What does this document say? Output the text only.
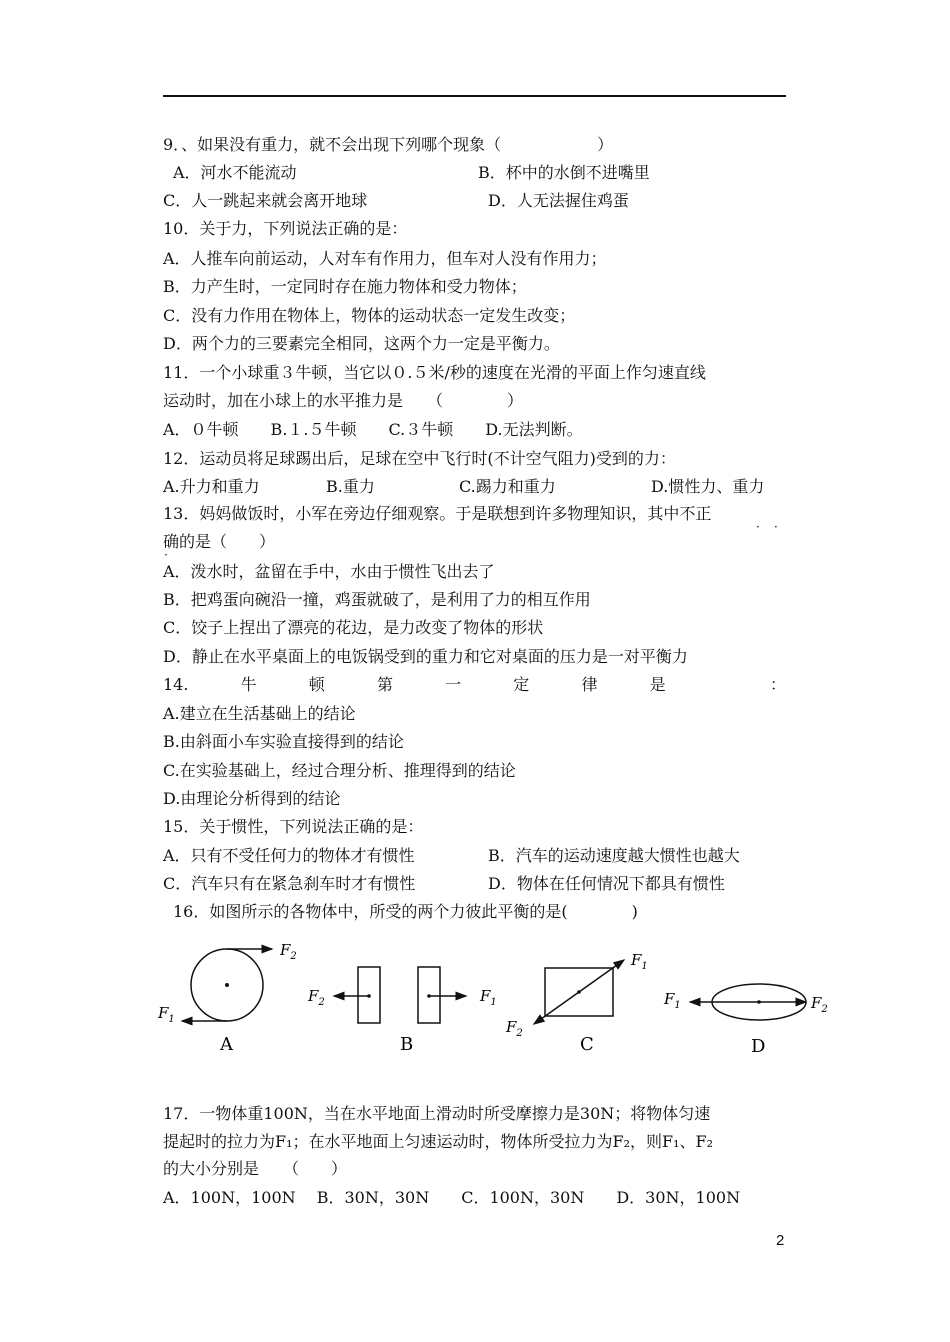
9．、如果没有重力，就不会出现下列哪个现象（　　　　　　）
A．河水不能流动	B．杯中的水倒不进嘴里
C．人一跳起来就会离开地球	D．人无法握住鸡蛋
10．关于力，下列说法正确的是：
A．人推车向前运动，人对车有作用力，但车对人没有作用力；
B．力产生时，一定同时存在施力物体和受力物体；
C．没有力作用在物体上，物体的运动状态一定发生改变；
D．两个力的三要素完全相同，这两个力一定是平衡力。
11．一个小球重３牛顿，当它以０.５米/秒的速度在光滑的平面上作匀速直线
运动时，加在小球上的水平推力是　　（　　　　）
A．０牛顿　　B.１.５牛顿　　C.３牛顿　　D.无法判断。
12．运动员将足球踢出后，足球在空中飞行时(不计空气阻力)受到的力：
A.升力和重力	B.重力	C.踢力和重力	D.惯性力、重力
13．妈妈做饭时，小军在旁边仔细观察。于是联想到许多物理知识，其中不正
· ·
确的是（　　）
·
A．泼水时，盆留在手中，水由于惯性飞出去了
B．把鸡蛋向碗沿一撞，鸡蛋就破了，是利用了力的相互作用
C．饺子上捏出了漂亮的花边，是力改变了物体的形状
D．静止在水平桌面上的电饭锅受到的重力和它对桌面的压力是一对平衡力
14.	牛	顿	第	一	定	律	是	：
A.建立在生活基础上的结论
B.由斜面小车实验直接得到的结论
C.在实验基础上，经过合理分析、推理得到的结论
D.由理论分析得到的结论
15．关于惯性，下列说法正确的是：
A．只有不受任何力的物体才有惯性	B．汽车的运动速度越大惯性也越大
C．汽车只有在紧急刹车时才有惯性	D．物体在任何情况下都具有惯性
16．如图所示的各物体中，所受的两个力彼此平衡的是(　　　　)
$F_2$
$F_1$
A
$F_2$	$F_1$
B
$F_1$
$F_2$
C
$F_1$	$F_2$
D
17．一物体重100N，当在水平地面上滑动时所受摩擦力是30N；将物体匀速
提起时的拉力为F₁；在水平地面上匀速运动时，物体所受拉力为F₂，则F₁、F₂
的大小分别是　　（　　）
A．100N，100N　 B．30N，30N　　C．100N，30N　　D．30N，100N
2
